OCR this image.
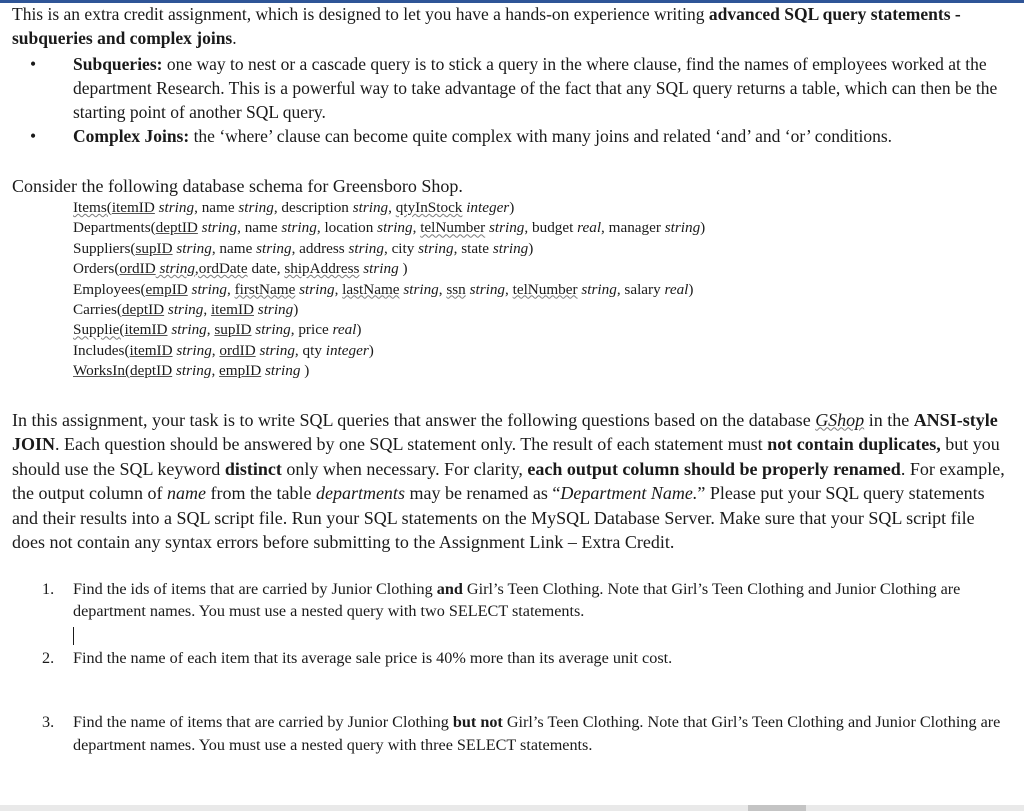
This is an extra credit assignment, which is designed to let you have a hands-on experience writing advanced SQL query statements - subqueries and complex joins.

• Subqueries: one way to nest or a cascade query is to stick a query in the where clause, find the names of employees worked at the department Research. This is a powerful way to take advantage of the fact that any SQL query returns a table, which can then be the starting point of another SQL query.
• Complex Joins: the ‘where’ clause can become quite complex with many joins and related ‘and’ and ‘or’ conditions.

Consider the following database schema for Greensboro Shop.

Items(itemID string, name string, description string, qtyInStock integer)
Departments(deptID string, name string, location string, telNumber string, budget real, manager string)
Suppliers(supID string, name string, address string, city string, state string)
Orders(ordID string,ordDate date, shipAddress string )
Employees(empID string, firstName string, lastName string, ssn string, telNumber string, salary real)
Carries(deptID string, itemID string)
Supplie(itemID string, supID string, price real)
Includes(itemID string, ordID string, qty integer)
WorksIn(deptID string, empID string )

In this assignment, your task is to write SQL queries that answer the following questions based on the database GShop in the ANSI-style JOIN. Each question should be answered by one SQL statement only. The result of each statement must not contain duplicates, but you should use the SQL keyword distinct only when necessary. For clarity, each output column should be properly renamed. For example, the output column of name from the table departments may be renamed as “Department Name.” Please put your SQL query statements and their results into a SQL script file. Run your SQL statements on the MySQL Database Server. Make sure that your SQL script file does not contain any syntax errors before submitting to the Assignment Link – Extra Credit.

1. Find the ids of items that are carried by Junior Clothing and Girl’s Teen Clothing. Note that Girl’s Teen Clothing and Junior Clothing are department names. You must use a nested query with two SELECT statements.
2. Find the name of each item that its average sale price is 40% more than its average unit cost.
3. Find the name of items that are carried by Junior Clothing but not Girl’s Teen Clothing. Note that Girl’s Teen Clothing and Junior Clothing are department names. You must use a nested query with three SELECT statements.
